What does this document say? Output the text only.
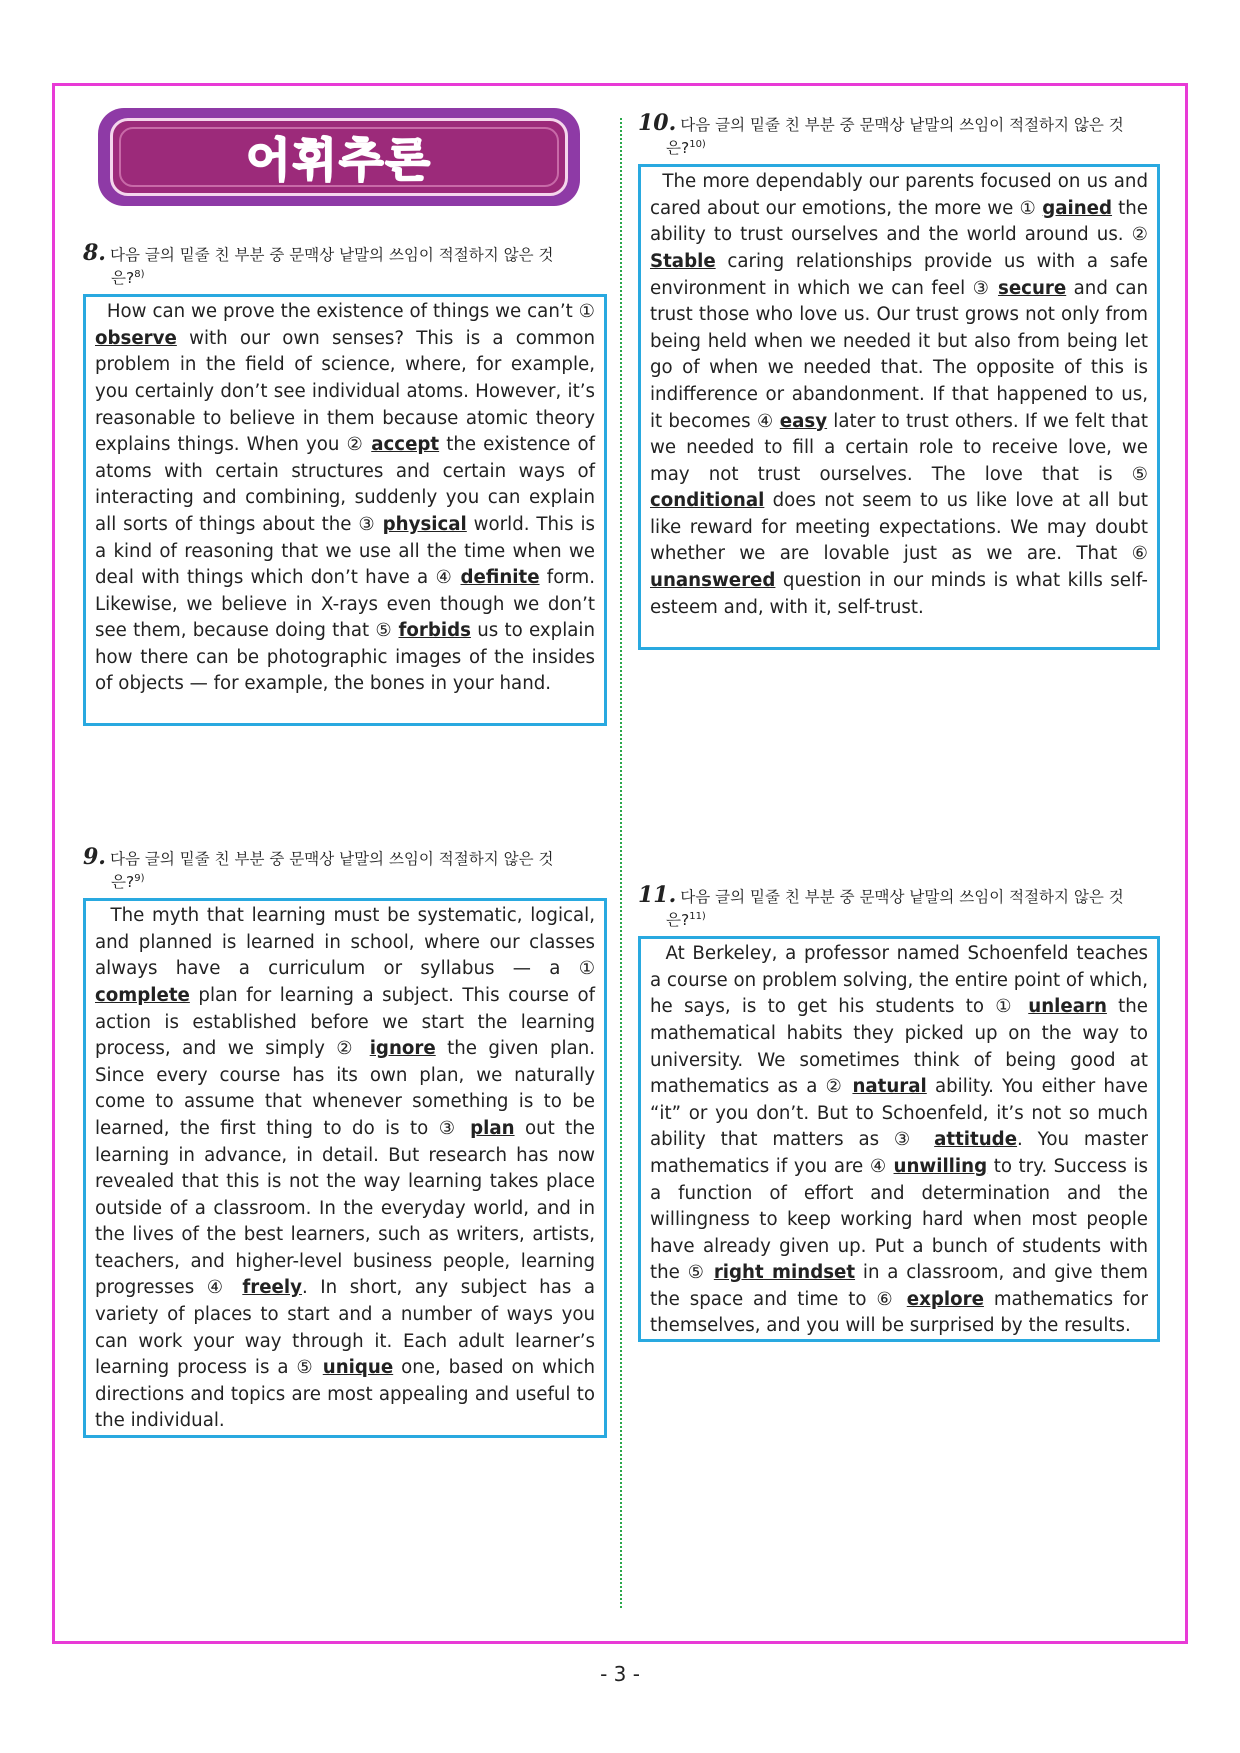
어휘추론
8. 다음 글의 밑줄 친 부분 중 문맥상 낱말의 쓰임이 적절하지 않은 것
은?$^{8)}$
How can we prove the existence of things we can’t ① observe with our own senses? This is a common problem in the field of science, where, for example, you certainly don’t see individual atoms. However, it’s reasonable to believe in them because atomic theory explains things. When you ② accept the existence of atoms with certain structures and certain ways of interacting and combining, suddenly you can explain all sorts of things about the ③ physical world. This is a kind of reasoning that we use all the time when we deal with things which don’t have a ④ definite form. Likewise, we believe in X-rays even though we don’t see them, because doing that ⑤ forbids us to explain how there can be photographic images of the insides of objects — for example, the bones in your hand.
9. 다음 글의 밑줄 친 부분 중 문맥상 낱말의 쓰임이 적절하지 않은 것
은?$^{9)}$
The myth that learning must be systematic, logical, and planned is learned in school, where our classes always have a curriculum or syllabus — a ① complete plan for learning a subject. This course of action is established before we start the learning process, and we simply ② ignore the given plan. Since every course has its own plan, we naturally come to assume that whenever something is to be learned, the first thing to do is to ③ plan out the learning in advance, in detail. But research has now revealed that this is not the way learning takes place outside of a classroom. In the everyday world, and in the lives of the best learners, such as writers, artists, teachers, and higher-level business people, learning progresses ④ freely. In short, any subject has a variety of places to start and a number of ways you can work your way through it. Each adult learner’s learning process is a ⑤ unique one, based on which directions and topics are most appealing and useful to the individual.
10. 다음 글의 밑줄 친 부분 중 문맥상 낱말의 쓰임이 적절하지 않은 것
은?$^{10)}$
The more dependably our parents focused on us and cared about our emotions, the more we ① gained the ability to trust ourselves and the world around us. ② Stable caring relationships provide us with a safe environment in which we can feel ③ secure and can trust those who love us. Our trust grows not only from being held when we needed it but also from being let go of when we needed that. The opposite of this is indifference or abandonment. If that happened to us, it becomes ④ easy later to trust others. If we felt that we needed to fill a certain role to receive love, we may not trust ourselves. The love that is ⑤ conditional does not seem to us like love at all but like reward for meeting expectations. We may doubt whether we are lovable just as we are. That ⑥ unanswered question in our minds is what kills self-esteem and, with it, self-trust.
11. 다음 글의 밑줄 친 부분 중 문맥상 낱말의 쓰임이 적절하지 않은 것
은?$^{11)}$
At Berkeley, a professor named Schoenfeld teaches a course on problem solving, the entire point of which, he says, is to get his students to ① unlearn the mathematical habits they picked up on the way to university. We sometimes think of being good at mathematics as a ② natural ability. You either have “it” or you don’t. But to Schoenfeld, it’s not so much ability that matters as ③ attitude. You master mathematics if you are ④ unwilling to try. Success is a function of effort and determination and the willingness to keep working hard when most people have already given up. Put a bunch of students with the ⑤ right mindset in a classroom, and give them the space and time to ⑥ explore mathematics for themselves, and you will be surprised by the results.
- 3 -
